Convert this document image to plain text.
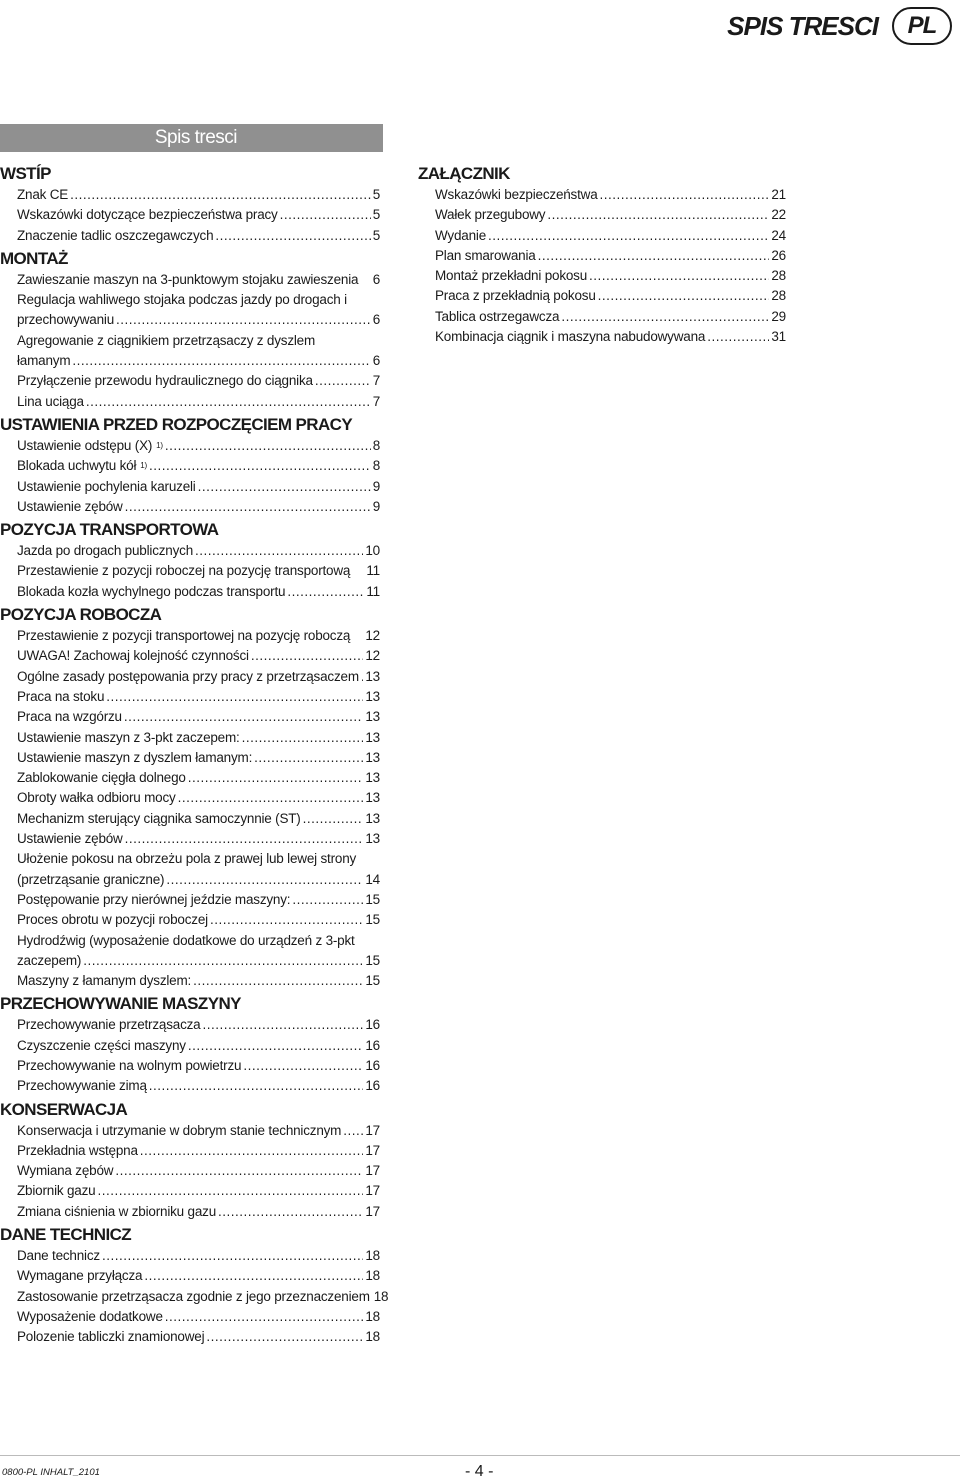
SPIS TRESCI	PL
Spis tresci
WSTÍP
Znak CE .....	5
Wskazówki dotyczące bezpieczeństwa pracy .....	5
Znaczenie tadlic oszczegawczych .....	5
MONTAŻ
Zawieszanie maszyn na 3-punktowym stojaku zawieszenia 6
Regulacja wahliwego stojaka podczas jazdy po drogach i
przechowywaniu .....	6
Agregowanie z ciągnikiem przetrząsaczy z dyszlem
łamanym .....	6
Przyłączenie przewodu hydraulicznego do ciągnika .....	7
Lina uciąga .....	7
USTAWIENIA PRZED ROZPOCZĘCIEM PRACY
Ustawienie odstępu (X) 1) .....	8
Blokada uchwytu kół 1) .....	8
Ustawienie pochylenia karuzeli .....	9
Ustawienie zębów .....	9
POZYCJA TRANSPORTOWA
Jazda po drogach publicznych .....	10
Przestawienie z pozycji roboczej na pozycję transportową 11
Blokada kozła wychylnego podczas transportu .....	11
POZYCJA ROBOCZA
Przestawienie z pozycji transportowej na pozycję roboczą 12
UWAGA! Zachowaj kolejność czynności .....	12
Ogólne zasady postępowania przy pracy z przetrząsaczem ..... 13
Praca na stoku .....	13
Praca na wzgórzu .....	13
Ustawienie maszyn z 3-pkt zaczepem: .....	13
Ustawienie maszyn z dyszlem łamanym: .....	13
Zablokowanie cięgła dolnego .....	13
Obroty wałka odbioru mocy .....	13
Mechanizm sterujący ciągnika samoczynnie (ST) .....	13
Ustawienie zębów .....	13
Ułożenie pokosu na obrzeżu pola z prawej lub lewej strony
(przetrząsanie graniczne) .....	14
Postępowanie przy nierównej jeździe maszyny: .....	15
Proces obrotu w pozycji roboczej .....	15
Hydrodźwig (wyposażenie dodatkowe do urządzeń z 3-pkt
zaczepem) .....	15
Maszyny z łamanym dyszlem: .....	15
PRZECHOWYWANIE MASZYNY
Przechowywanie przetrząsacza .....	16
Czyszczenie części maszyny .....	16
Przechowywanie na wolnym powietrzu .....	16
Przechowywanie zimą .....	16
KONSERWACJA
Konserwacja i utrzymanie w dobrym stanie technicznym ..... 17
Przekładnia wstępna .....	17
Wymiana zębów .....	17
Zbiornik gazu .....	17
Zmiana ciśnienia w zbiorniku gazu .....	17
DANE TECHNICZ
Dane technicz .....	18
Wymagane przyłącza .....	18
Zastosowanie przetrząsacza zgodnie z jego przeznaczeniem 18
Wyposażenie dodatkowe .....	18
Polozenie tabliczki znamionowej .....	18
ZAŁĄCZNIK
Wskazówki bezpieczeństwa .....	21
Wałek przegubowy .....	22
Wydanie .....	24
Plan smarowania .....	26
Montaż przekładni pokosu .....	28
Praca z przekładnią pokosu .....	28
Tablica ostrzegawcza .....	29
Kombinacja ciągnik i maszyna nabudowywana .....	31
0800-PL INHALT_2101	- 4 -
